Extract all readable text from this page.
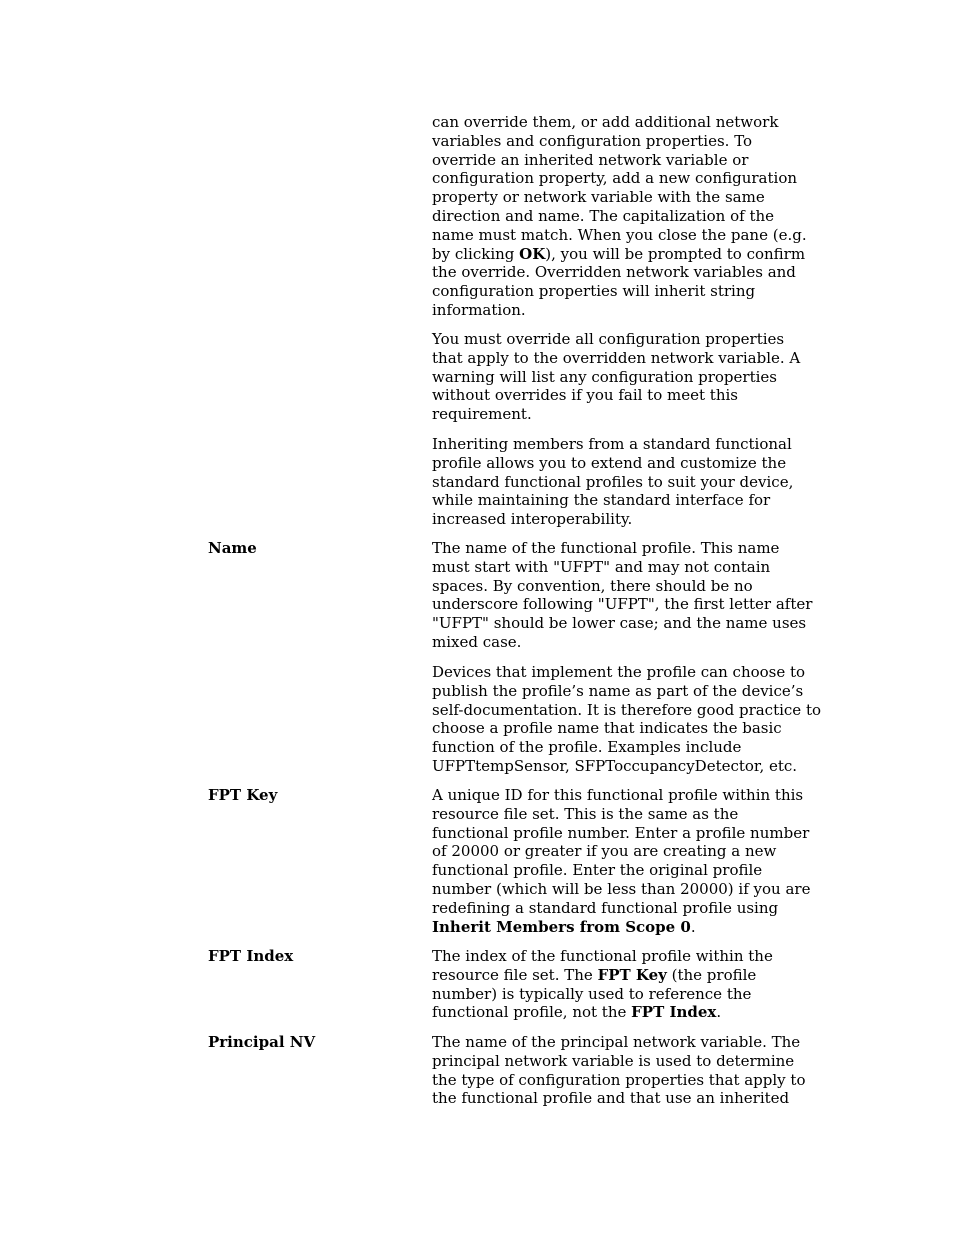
can override them, or add additional network
variables and configuration properties. To
override an inherited network variable or
configuration property, add a new configuration
property or network variable with the same
direction and name. The capitalization of the
name must match. When you close the pane (e.g.
by clicking OK), you will be prompted to confirm
the override. Overridden network variables and
configuration properties will inherit string
information.
You must override all configuration properties
that apply to the overridden network variable. A
warning will list any configuration properties
without overrides if you fail to meet this
requirement.
Inheriting members from a standard functional
profile allows you to extend and customize the
standard functional profiles to suit your device,
while maintaining the standard interface for
increased interoperability.
Name	The name of the functional profile. This name
must start with "UFPT" and may not contain
spaces. By convention, there should be no
underscore following "UFPT", the first letter after
"UFPT" should be lower case; and the name uses
mixed case.
Devices that implement the profile can choose to
publish the profile’s name as part of the device’s
self-documentation. It is therefore good practice to
choose a profile name that indicates the basic
function of the profile. Examples include
UFPTtempSensor, SFPToccupancyDetector, etc.
FPT Key	A unique ID for this functional profile within this
resource file set. This is the same as the
functional profile number. Enter a profile number
of 20000 or greater if you are creating a new
functional profile. Enter the original profile
number (which will be less than 20000) if you are
redefining a standard functional profile using
Inherit Members from Scope 0.
FPT Index	The index of the functional profile within the
resource file set. The FPT Key (the profile
number) is typically used to reference the
functional profile, not the FPT Index.
Principal NV	The name of the principal network variable. The
principal network variable is used to determine
the type of configuration properties that apply to
the functional profile and that use an inherited
